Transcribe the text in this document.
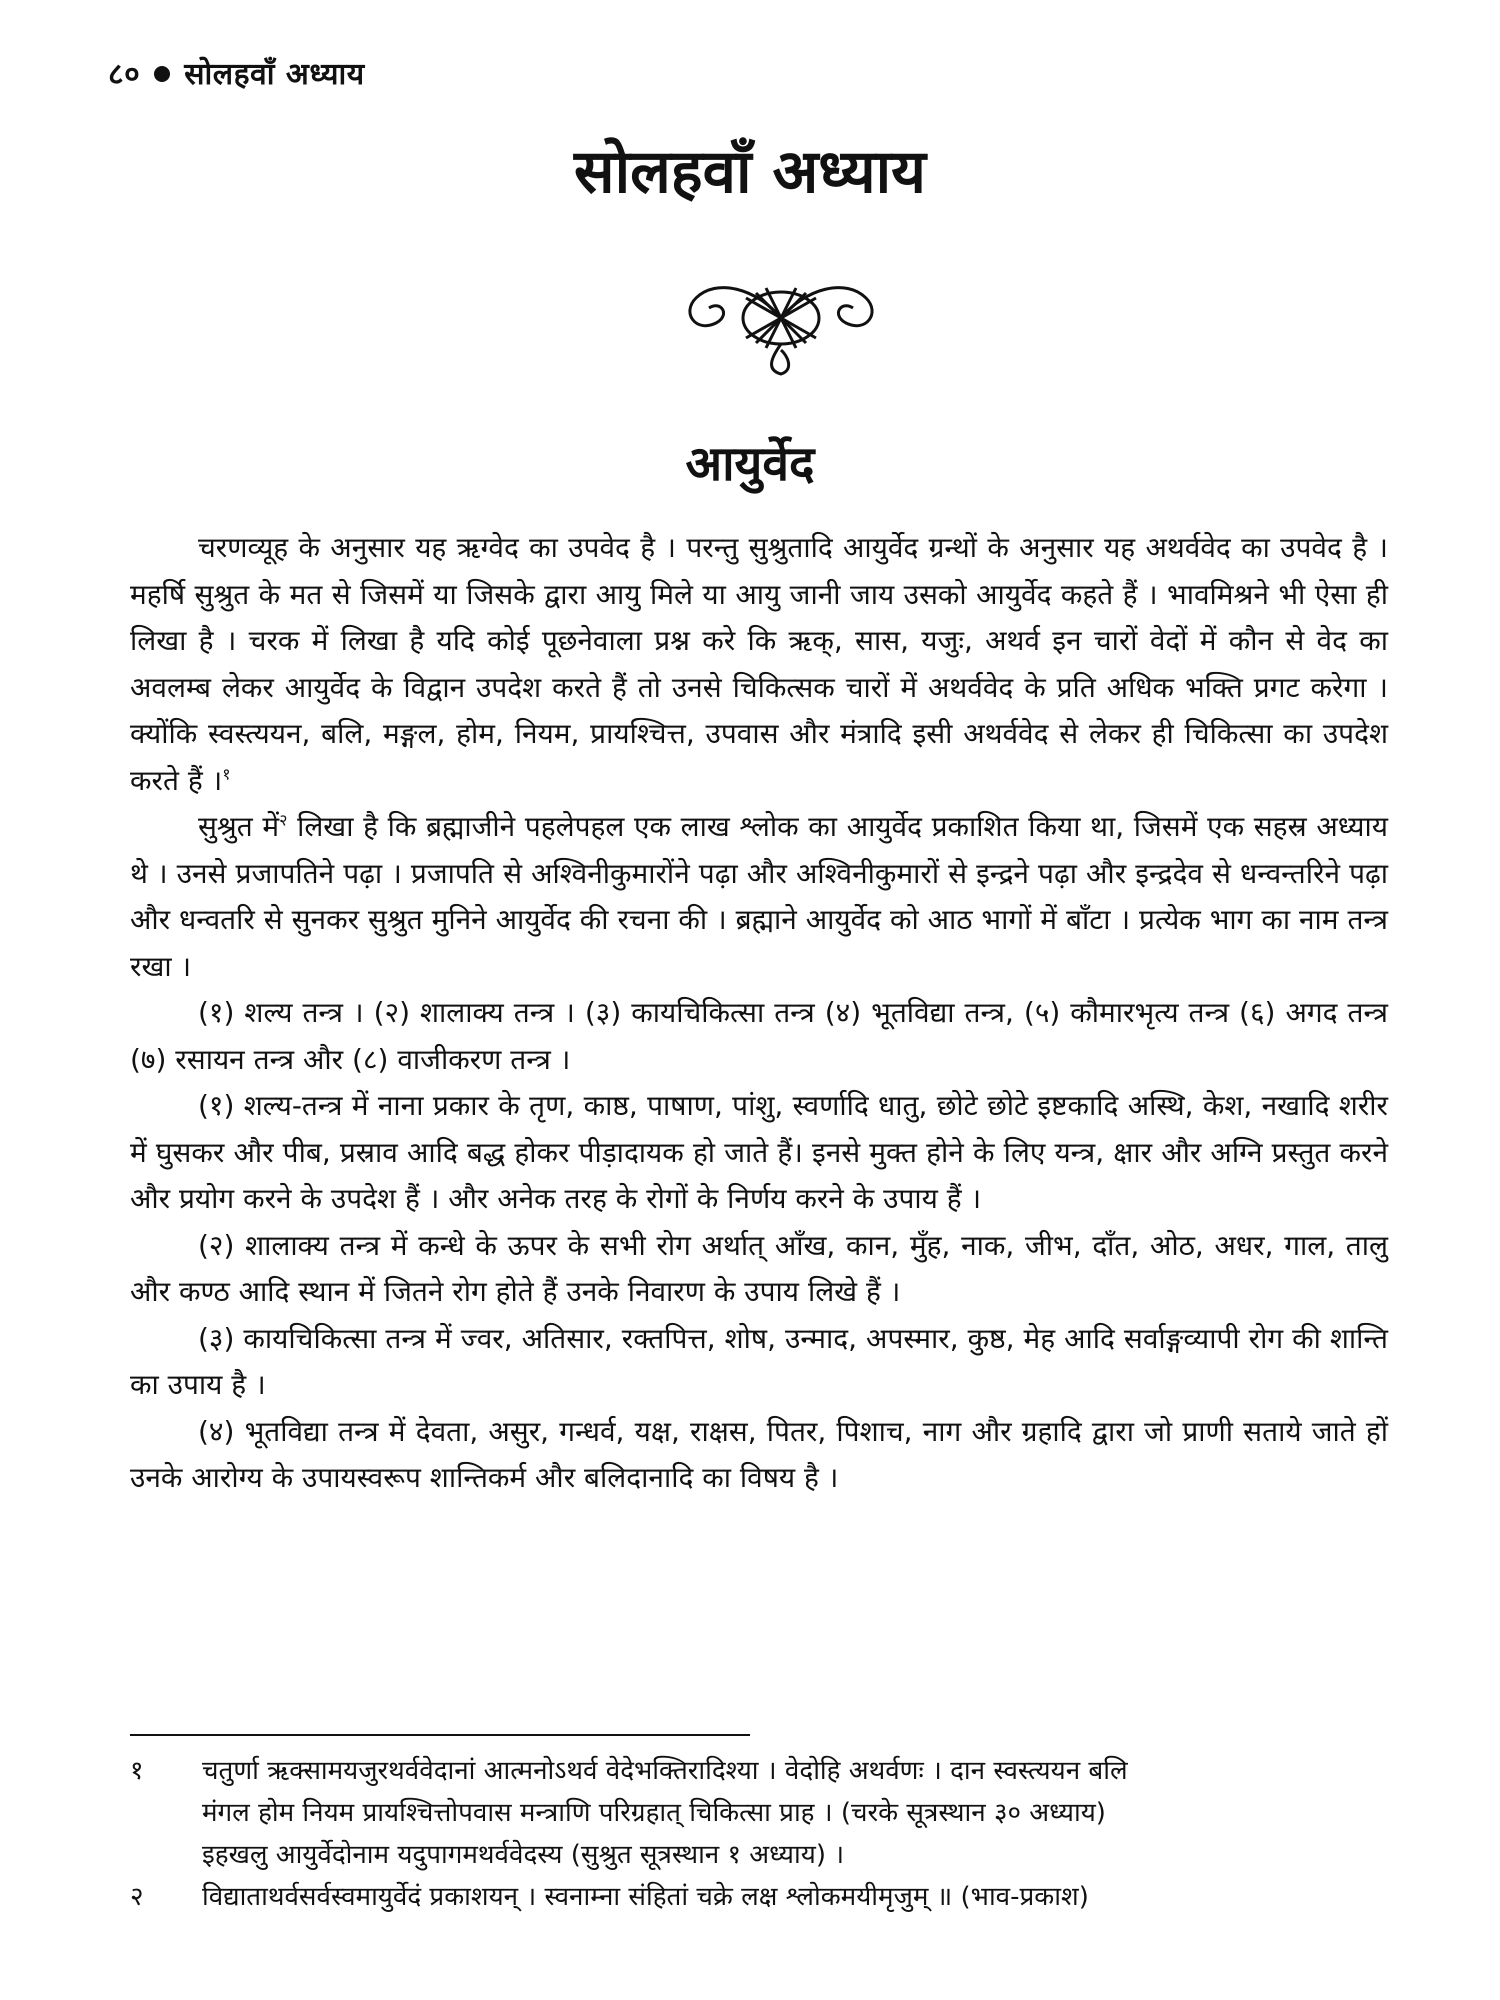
८० सोलहवाँ अध्याय
सोलहवाँ अध्याय
आयुर्वेद

चरणव्यूह के अनुसार यह ऋग्वेद का उपवेद है । परन्तु सुश्रुतादि आयुर्वेद ग्रन्थों के अनुसार यह अथर्ववेद का उपवेद है । महर्षि सुश्रुत के मत से जिसमें या जिसके द्वारा आयु मिले या आयु जानी जाय उसको आयुर्वेद कहते हैं । भावमिश्रने भी ऐसा ही लिखा है । चरक में लिखा है यदि कोई पूछनेवाला प्रश्न करे कि ऋक्, सास, यजुः, अथर्व इन चारों वेदों में कौन से वेद का अवलम्ब लेकर आयुर्वेद के विद्वान उपदेश करते हैं तो उनसे चिकित्सक चारों में अथर्ववेद के प्रति अधिक भक्ति प्रगट करेगा । क्योंकि स्वस्त्ययन, बलि, मङ्गल, होम, नियम, प्रायश्चित्त, उपवास और मंत्रादि इसी अथर्ववेद से लेकर ही चिकित्सा का उपदेश करते हैं ।$^१$

सुश्रुत में$^२$ लिखा है कि ब्रह्माजीने पहलेपहल एक लाख श्लोक का आयुर्वेद प्रकाशित किया था, जिसमें एक सहस्र अध्याय थे । उनसे प्रजापतिने पढ़ा । प्रजापति से अश्विनीकुमारोंने पढ़ा और अश्विनीकुमारों से इन्द्रने पढ़ा और इन्द्रदेव से धन्वन्तरिने पढ़ा और धन्वतरि से सुनकर सुश्रुत मुनिने आयुर्वेद की रचना की । ब्रह्माने आयुर्वेद को आठ भागों में बाँटा । प्रत्येक भाग का नाम तन्त्र रखा ।

(१) शल्य तन्त्र । (२) शालाक्य तन्त्र । (३) कायचिकित्सा तन्त्र (४) भूतविद्या तन्त्र, (५) कौमारभृत्य तन्त्र (६) अगद तन्त्र (७) रसायन तन्त्र और (८) वाजीकरण तन्त्र ।

(१) शल्य-तन्त्र में नाना प्रकार के तृण, काष्ठ, पाषाण, पांशु, स्वर्णादि धातु, छोटे छोटे इष्टकादि अस्थि, केश, नखादि शरीर में घुसकर और पीब, प्रस्राव आदि बद्ध होकर पीड़ादायक हो जाते हैं। इनसे मुक्त होने के लिए यन्त्र, क्षार और अग्नि प्रस्तुत करने और प्रयोग करने के उपदेश हैं । और अनेक तरह के रोगों के निर्णय करने के उपाय हैं ।

(२) शालाक्य तन्त्र में कन्धे के ऊपर के सभी रोग अर्थात् आँख, कान, मुँह, नाक, जीभ, दाँत, ओठ, अधर, गाल, तालु और कण्ठ आदि स्थान में जितने रोग होते हैं उनके निवारण के उपाय लिखे हैं ।

(३) कायचिकित्सा तन्त्र में ज्वर, अतिसार, रक्तपित्त, शोष, उन्माद, अपस्मार, कुष्ठ, मेह आदि सर्वाङ्गव्यापी रोग की शान्ति का उपाय है ।

(४) भूतविद्या तन्त्र में देवता, असुर, गन्धर्व, यक्ष, राक्षस, पितर, पिशाच, नाग और ग्रहादि द्वारा जो प्राणी सताये जाते हों उनके आरोग्य के उपायस्वरूप शान्तिकर्म और बलिदानादि का विषय है ।

१	चतुर्णा ऋक्सामयजुरथर्ववेदानां आत्मनोऽथर्व वेदेभक्तिरादिश्या । वेदोहि अथर्वणः । दान स्वस्त्ययन बलि
मंगल होम नियम प्रायश्चित्तोपवास मन्त्राणि परिग्रहात् चिकित्सा प्राह । (चरके सूत्रस्थान ३० अध्याय)
इहखलु आयुर्वेदोनाम यदुपागमथर्ववेदस्य (सुश्रुत सूत्रस्थान १ अध्याय) ।
२	विद्याताथर्वसर्वस्वमायुर्वेदं प्रकाशयन् । स्वनाम्ना संहितां चक्रे लक्ष श्लोकमयीमृजुम् ॥ (भाव-प्रकाश)
